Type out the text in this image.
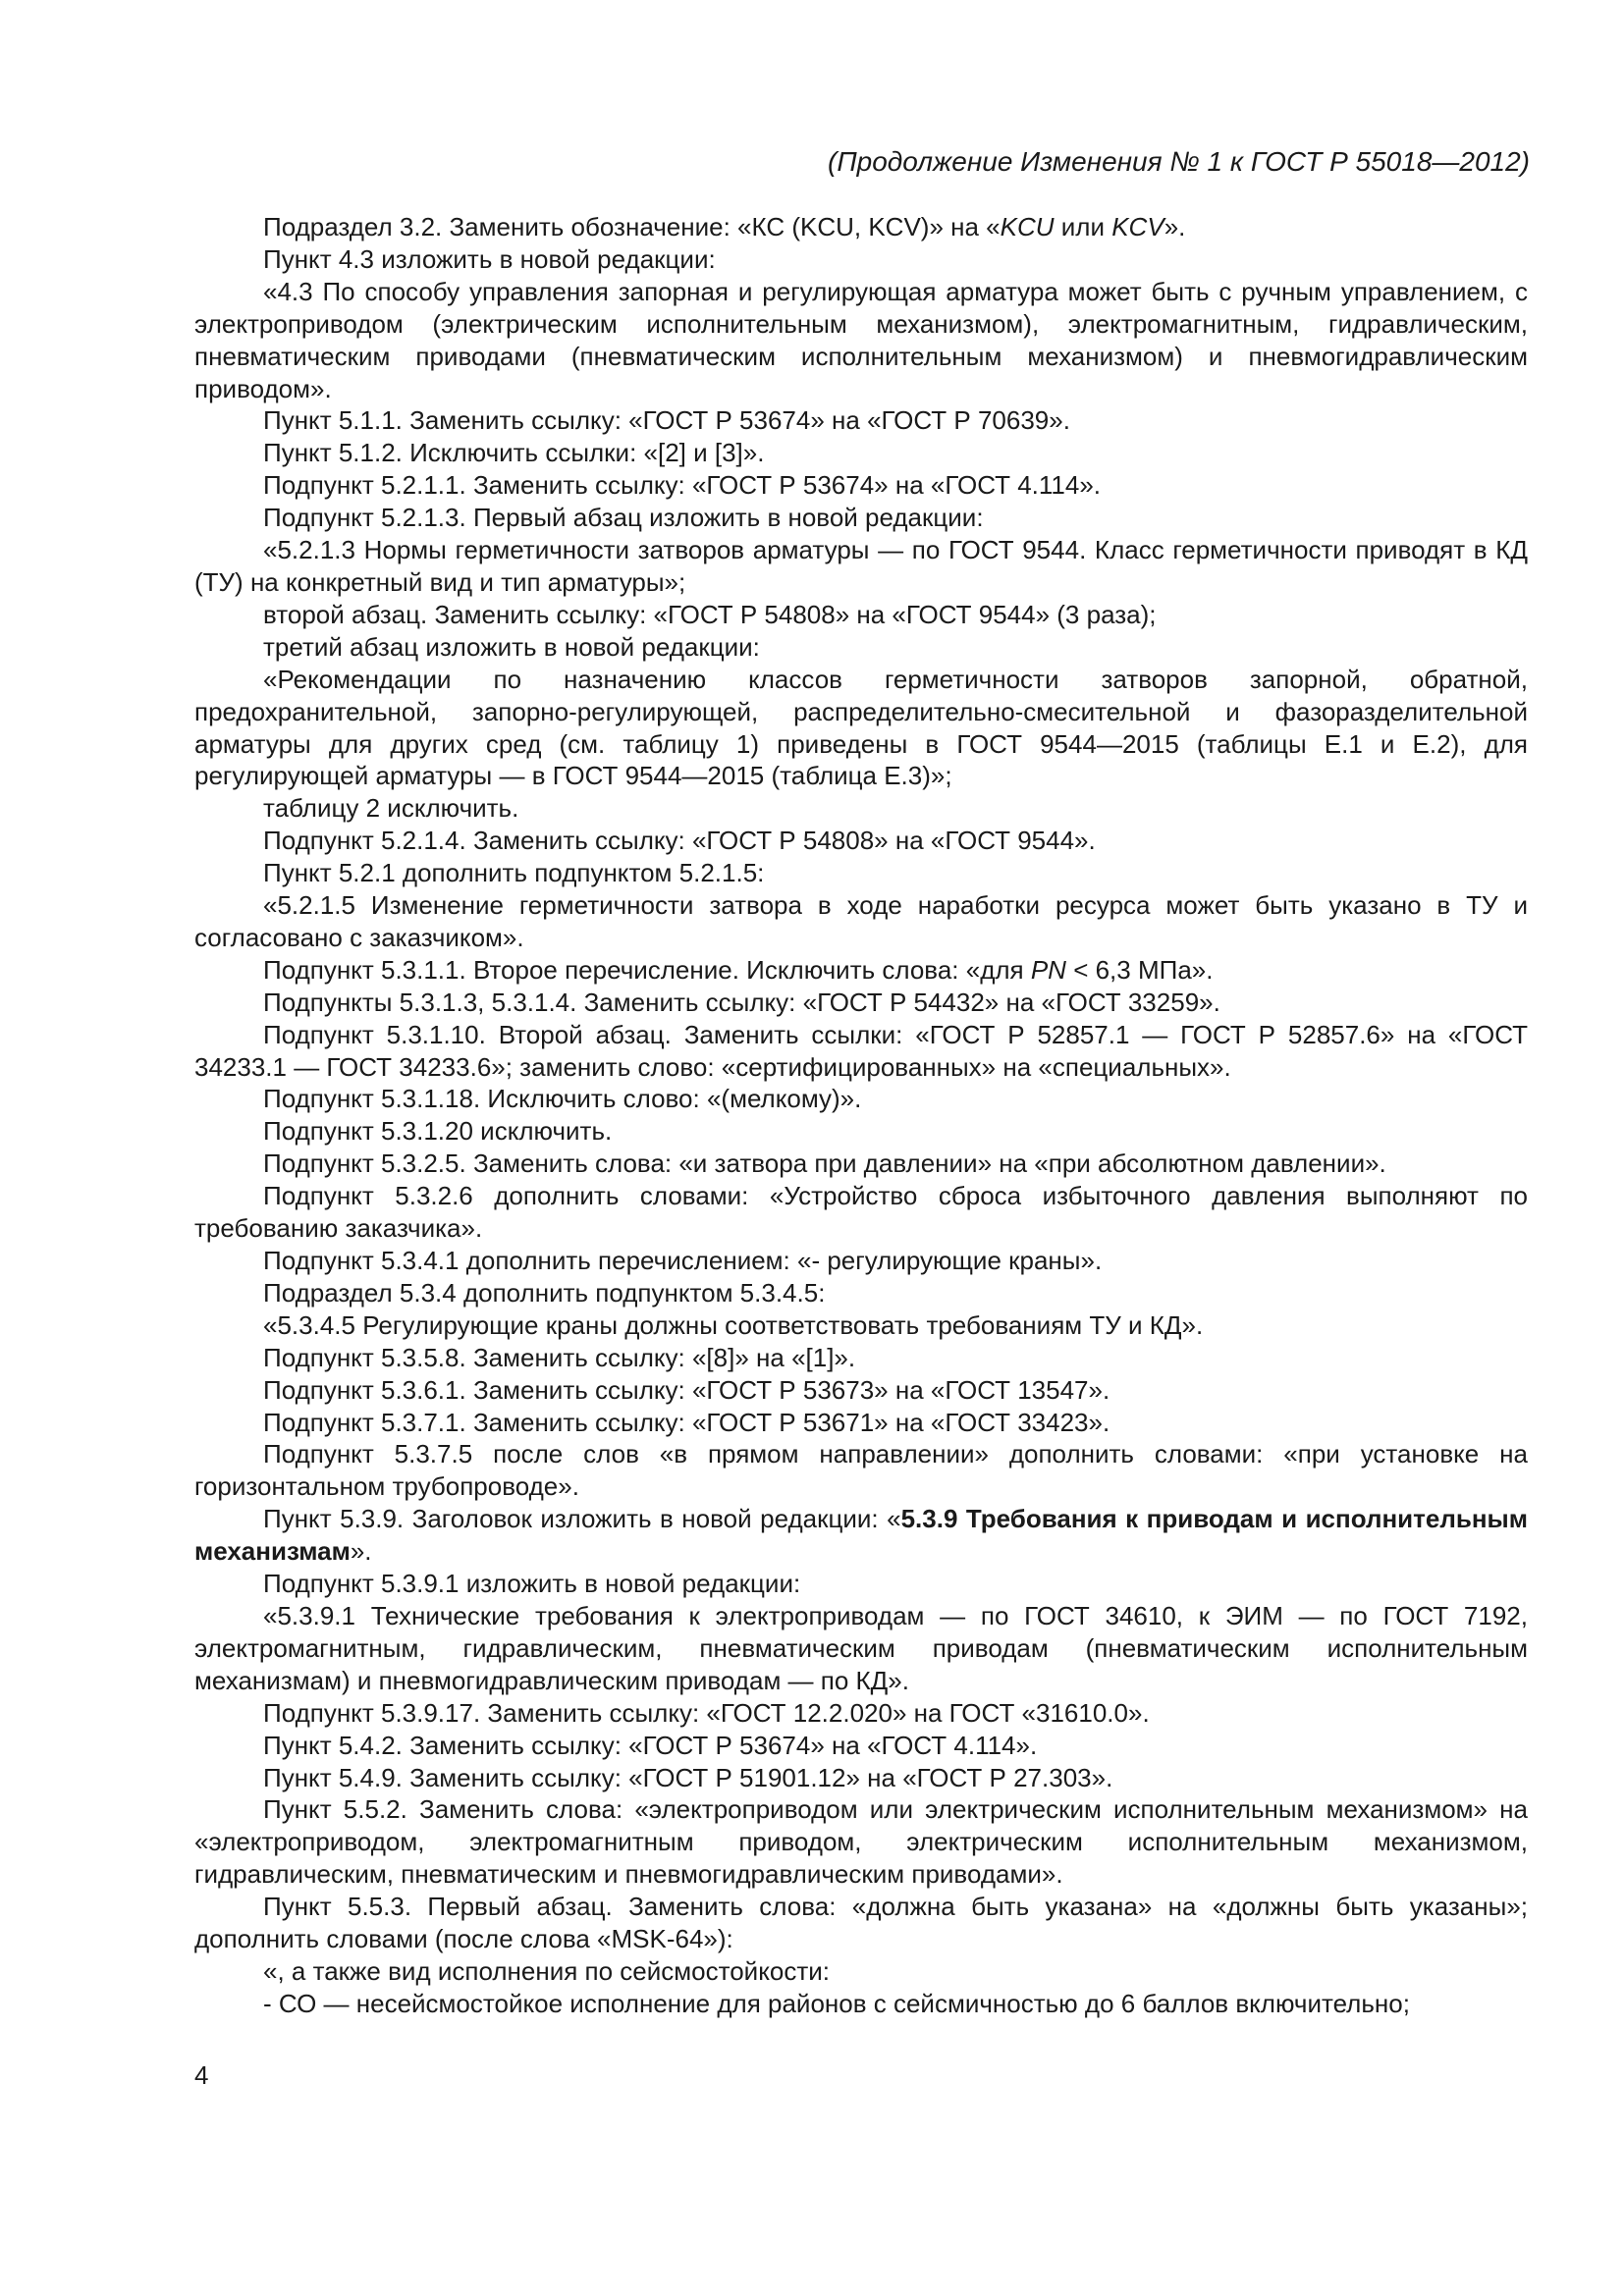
(Продолжение Изменения № 1 к ГОСТ Р 55018—2012)

Подраздел 3.2. Заменить обозначение: «КС (KCU, KCV)» на «KCU или KCV».

Пункт 4.3 изложить в новой редакции:

«4.3 По способу управления запорная и регулирующая арматура может быть с ручным управлением, с электроприводом (электрическим исполнительным механизмом), электромагнитным, гидравлическим, пневматическим приводами (пневматическим исполнительным механизмом) и пневмогидравлическим приводом».

Пункт 5.1.1. Заменить ссылку: «ГОСТ Р 53674» на «ГОСТ Р 70639».

Пункт 5.1.2. Исключить ссылки: «[2] и [3]».

Подпункт 5.2.1.1. Заменить ссылку: «ГОСТ Р 53674» на «ГОСТ 4.114».

Подпункт 5.2.1.3. Первый абзац изложить в новой редакции:

«5.2.1.3 Нормы герметичности затворов арматуры — по ГОСТ 9544. Класс герметичности приводят в КД (ТУ) на конкретный вид и тип арматуры»;

второй абзац. Заменить ссылку: «ГОСТ Р 54808» на «ГОСТ 9544» (3 раза);

третий абзац изложить в новой редакции:

«Рекомендации по назначению классов герметичности затворов запорной, обратной, предохранительной, запорно-регулирующей, распределительно-смесительной и фазоразделительной арматуры для других сред (см. таблицу 1) приведены в ГОСТ 9544—2015 (таблицы Е.1 и Е.2), для регулирующей арматуры — в ГОСТ 9544—2015 (таблица Е.3)»;

таблицу 2 исключить.

Подпункт 5.2.1.4. Заменить ссылку: «ГОСТ Р 54808» на «ГОСТ 9544».

Пункт 5.2.1 дополнить подпунктом 5.2.1.5:

«5.2.1.5 Изменение герметичности затвора в ходе наработки ресурса может быть указано в ТУ и согласовано с заказчиком».

Подпункт 5.3.1.1. Второе перечисление. Исключить слова: «для PN < 6,3 МПа».

Подпункты 5.3.1.3, 5.3.1.4. Заменить ссылку: «ГОСТ Р 54432» на «ГОСТ 33259».

Подпункт 5.3.1.10. Второй абзац. Заменить ссылки: «ГОСТ Р 52857.1 — ГОСТ Р 52857.6» на «ГОСТ 34233.1 — ГОСТ 34233.6»; заменить слово: «сертифицированных» на «специальных».

Подпункт 5.3.1.18. Исключить слово: «(мелкому)».

Подпункт 5.3.1.20 исключить.

Подпункт 5.3.2.5. Заменить слова: «и затвора при давлении» на «при абсолютном давлении».

Подпункт 5.3.2.6 дополнить словами: «Устройство сброса избыточного давления выполняют по требованию заказчика».

Подпункт 5.3.4.1 дополнить перечислением: «- регулирующие краны».

Подраздел 5.3.4 дополнить подпунктом 5.3.4.5:

«5.3.4.5 Регулирующие краны должны соответствовать требованиям ТУ и КД».

Подпункт 5.3.5.8. Заменить ссылку: «[8]» на «[1]».

Подпункт 5.3.6.1. Заменить ссылку: «ГОСТ Р 53673» на «ГОСТ 13547».

Подпункт 5.3.7.1. Заменить ссылку: «ГОСТ Р 53671» на «ГОСТ 33423».

Подпункт 5.3.7.5 после слов «в прямом направлении» дополнить словами: «при установке на горизонтальном трубопроводе».

Пункт 5.3.9. Заголовок изложить в новой редакции: «5.3.9 Требования к приводам и исполнительным механизмам».

Подпункт 5.3.9.1 изложить в новой редакции:

«5.3.9.1 Технические требования к электроприводам — по ГОСТ 34610, к ЭИМ — по ГОСТ 7192, электромагнитным, гидравлическим, пневматическим приводам (пневматическим исполнительным механизмам) и пневмогидравлическим приводам — по КД».

Подпункт 5.3.9.17. Заменить ссылку: «ГОСТ 12.2.020» на ГОСТ «31610.0».

Пункт 5.4.2. Заменить ссылку: «ГОСТ Р 53674» на «ГОСТ 4.114».

Пункт 5.4.9. Заменить ссылку: «ГОСТ Р 51901.12» на «ГОСТ Р 27.303».

Пункт 5.5.2. Заменить слова: «электроприводом или электрическим исполнительным механизмом» на «электроприводом, электромагнитным приводом, электрическим исполнительным механизмом, гидравлическим, пневматическим и пневмогидравлическим приводами».

Пункт 5.5.3. Первый абзац. Заменить слова: «должна быть указана» на «должны быть указаны»; дополнить словами (после слова «MSK-64»):

«, а также вид исполнения по сейсмостойкости:

- СО — несейсмостойкое исполнение для районов с сейсмичностью до 6 баллов включительно;

4
